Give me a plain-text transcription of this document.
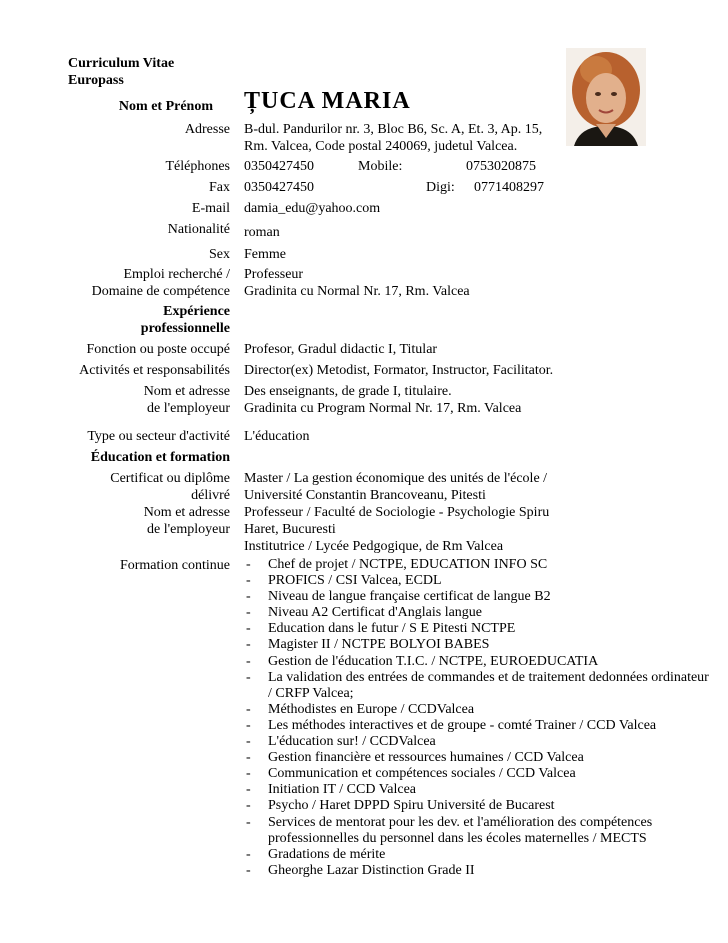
Curriculum Vitae
Europass
Nom et Prénom ȚUCA MARIA
Adresse B-dul. Pandurilor nr. 3, Bloc B6, Sc. A, Et. 3, Ap. 15,
Rm. Valcea, Code postal 240069, judetul Valcea.
Téléphones 0350427450	Mobile:	0753020875
Fax 0350427450	Digi: 0771408297
E-mail damia_edu@yahoo.com
Nationalité roman
Sex Femme
Emploi recherché /
Domaine de compétence
Professeur
Gradinita cu Normal Nr. 17, Rm. Valcea
Expérience
professionnelle
Fonction ou poste occupé Profesor, Gradul didactic I, Titular
Activités et responsabilités Director(ex) Metodist, Formator, Instructor, Facilitator.
Nom et adresse
de l'employeur
Des enseignants, de grade I, titulaire.
Gradinita cu Program Normal Nr. 17, Rm. Valcea
Type ou secteur d'activité L'éducation
Éducation et formation
Certificat ou diplôme
délivré
Nom et adresse
de l'employeur
Master / La gestion économique des unités de l'école /
Université Constantin Brancoveanu, Pitesti
Professeur / Faculté de Sociologie - Psychologie Spiru
Haret, Bucuresti
Institutrice / Lycée Pedgogique, de Rm Valcea
Formation continue
-	Chef de projet / NCTPE, EDUCATION INFO SC
- PROFICS / CSI Valcea, ECDL
- Niveau de langue française certificat de langue B2
- Niveau A2 Certificat d'Anglais langue
- Education dans le futur / S E Pitesti NCTPE
- Magister II / NCTPE BOLYOI BABES
- Gestion de l'éducation T.I.C. / NCTPE, EUROEDUCATIA
- La validation des entrées de commandes et de traitement dedonnées ordinateur / CRFP Valcea;
- Méthodistes en Europe / CCDValcea
- Les méthodes interactives et de groupe - comté Trainer / CCD Valcea
- L'éducation sur! / CCDValcea
- Gestion financière et ressources humaines / CCD Valcea
- Communication et compétences sociales / CCD Valcea
- Initiation IT / CCD Valcea
- Psycho / Haret DPPD Spiru Université de Bucarest
- Services de mentorat pour les dev. et l'amélioration des compétences professionnelles du personnel dans les écoles maternelles / MECTS
- Gradations de mérite
- Gheorghe Lazar Distinction Grade II
